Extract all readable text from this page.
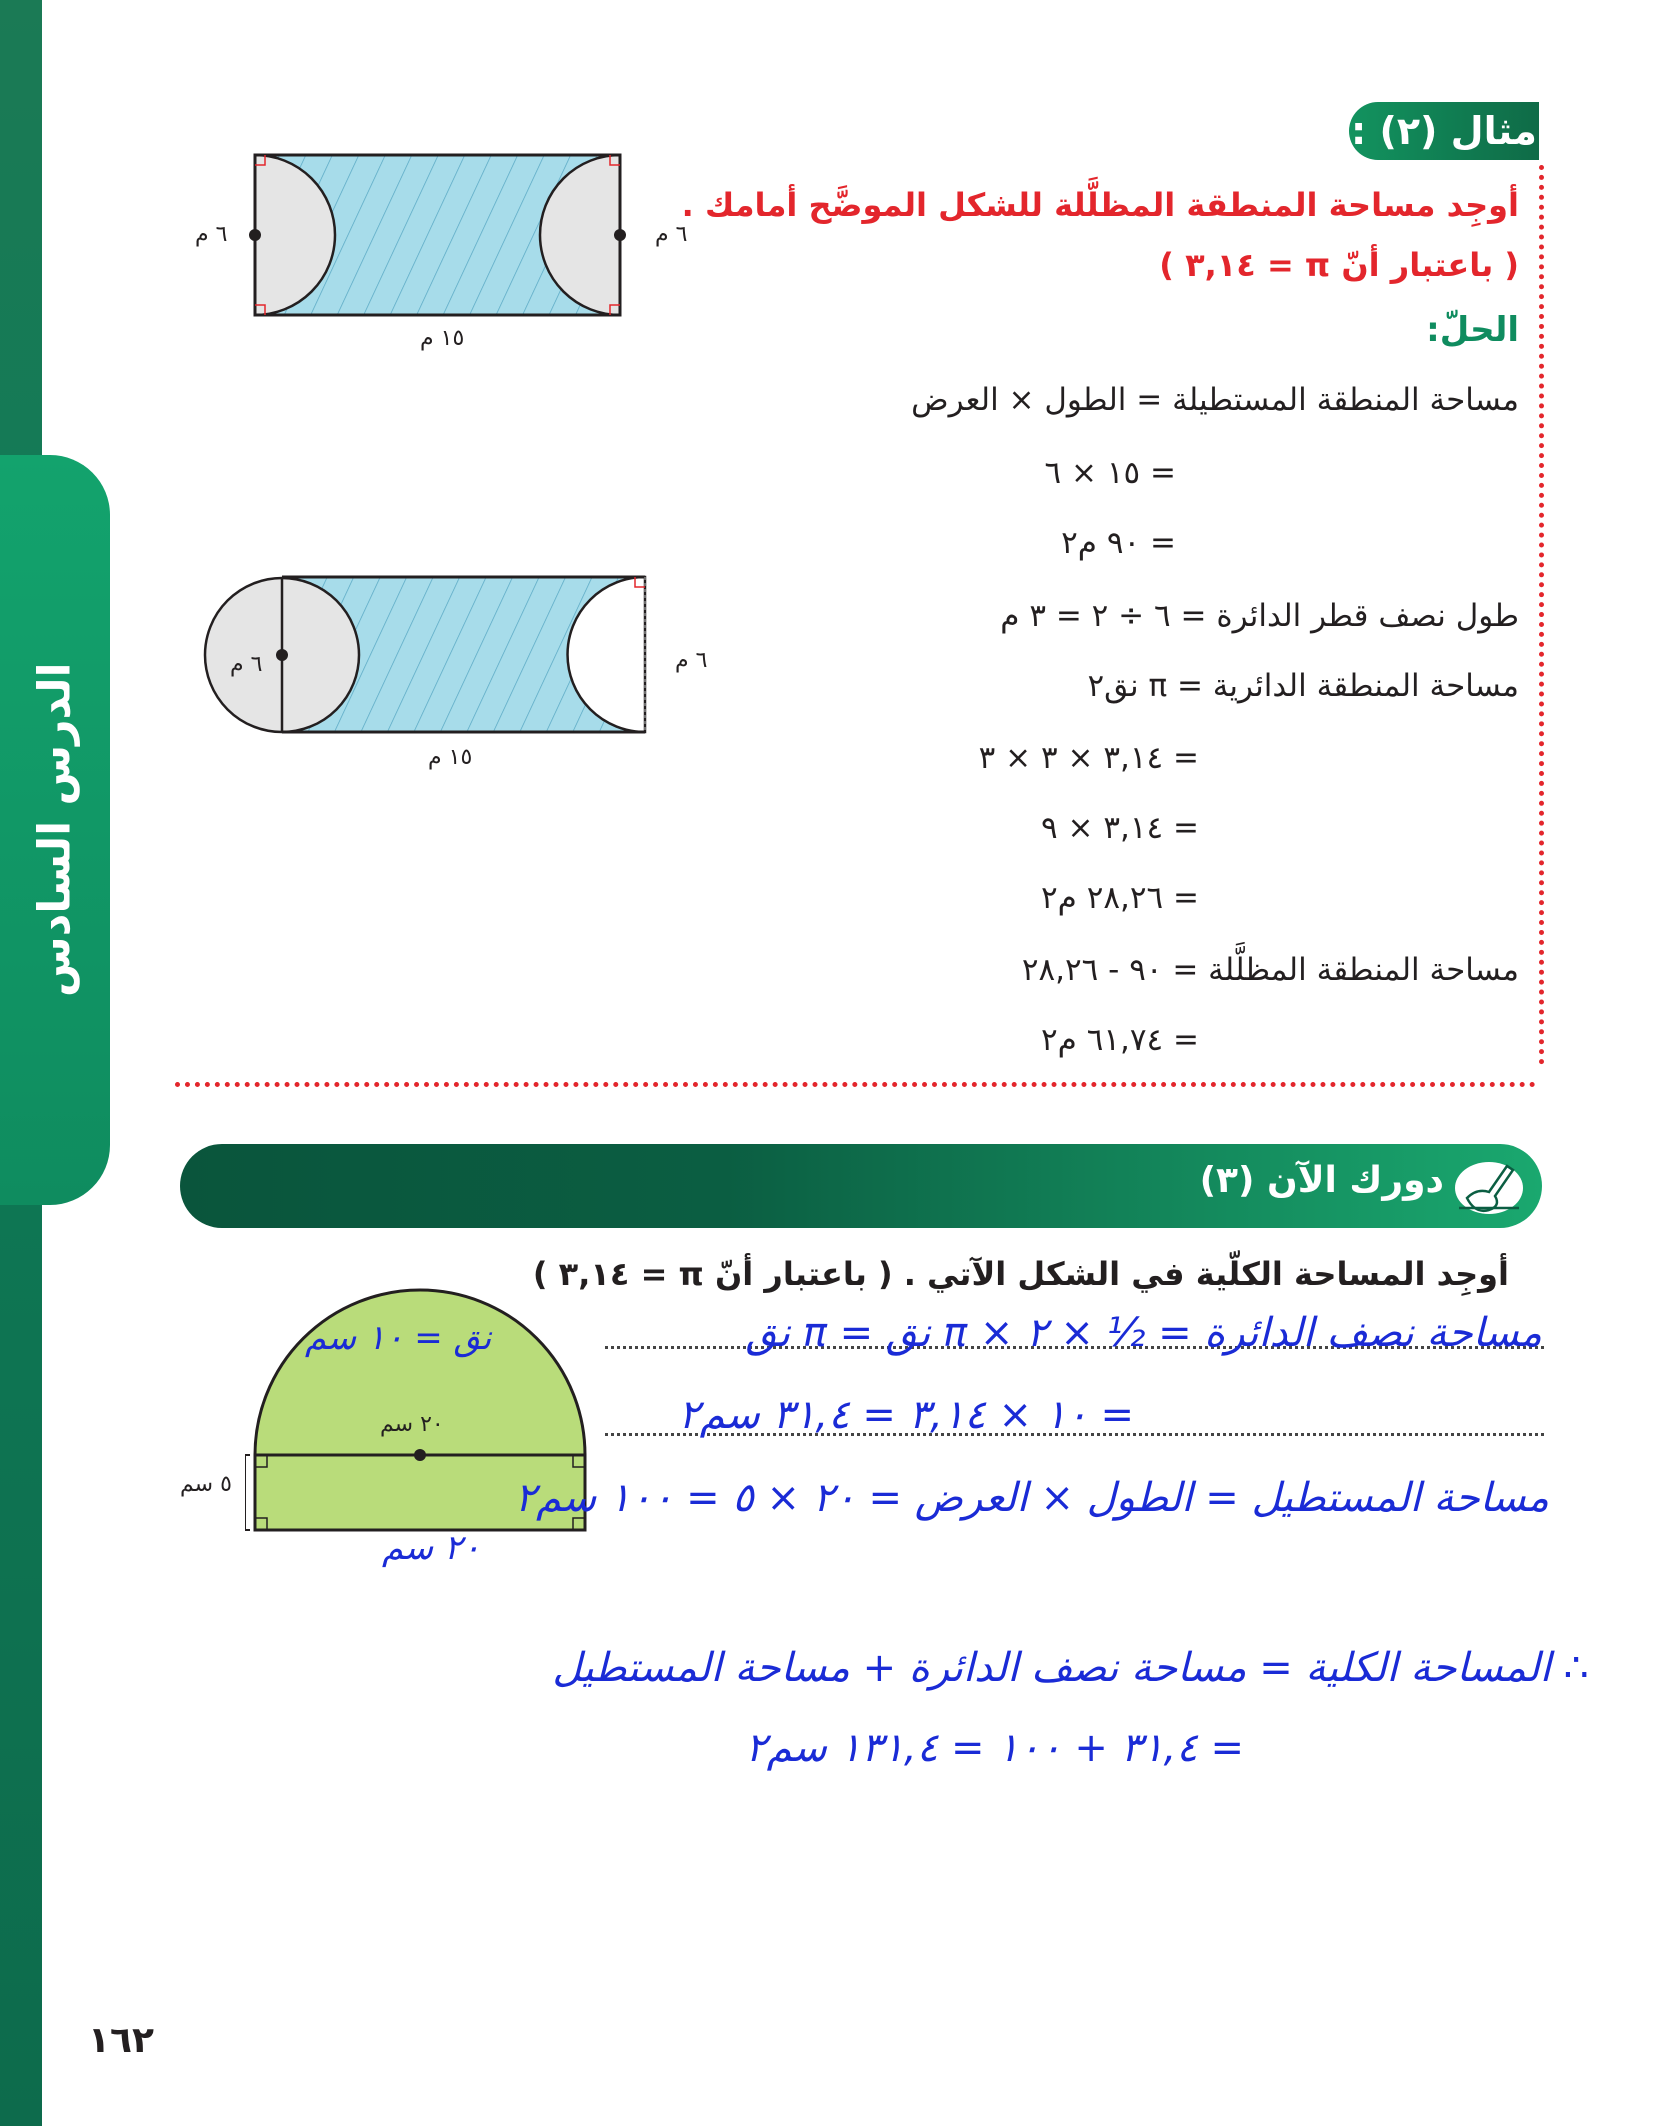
الدرس السادس
مثال (٢) :
أوجِد مساحة المنطقة المظلَّلة للشكل الموضَّح أمامك .
( باعتبار أنّ π = ٣,١٤ )
الحلّ:
مساحة المنطقة المستطيلة = الطول × العرض
= ١٥ × ٦
= ٩٠ م٢
طول نصف قطر الدائرة = ٦ ÷ ٢ = ٣ م
مساحة المنطقة الدائرية = π نق٢
= ٣,١٤ × ٣ × ٣
= ٣,١٤ × ٩
= ٢٨,٢٦ م٢
مساحة المنطقة المظلَّلة = ٩٠ - ٢٨,٢٦
= ٦١,٧٤ م٢
٦ م	٦ م
١٥ م
٦ م	٦ م
١٥ م
دورك الآن (٣)
أوجِد المساحة الكلّية في الشكل الآتي . ( باعتبار أنّ π = ٣,١٤ )
٢٠ سم
٥ سم
نق = ١٠ سم
٢٠ سم
مساحة نصف الدائرة = ½ × ٢ × π نق = π نق
= ١٠ × ٣,١٤ = ٣١,٤ سم٢
مساحة المستطيل = الطول × العرض = ٢٠ × ٥ = ١٠٠ سم٢
∴ المساحة الكلية = مساحة نصف الدائرة + مساحة المستطيل
= ٣١,٤ + ١٠٠ = ١٣١,٤ سم٢
١٦٢
